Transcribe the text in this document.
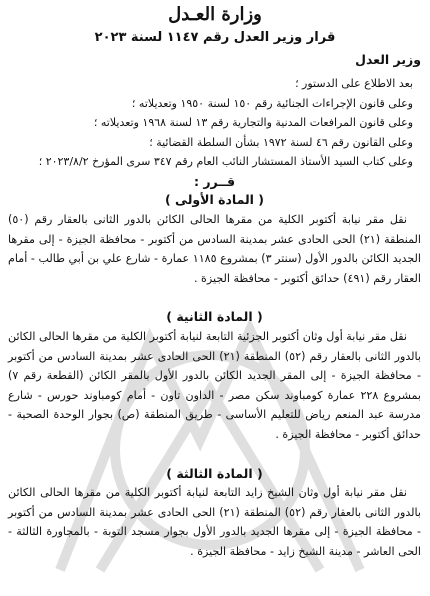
وزارة العـدل
قرار وزير العدل رقم ١١٤٧ لسنة ٢٠٢٣
وزير العدل
بعد الاطلاع على الدستور ؛
وعلى قانون الإجراءات الجنائية رقم ١٥٠ لسنة ١٩٥٠ وتعديلاته ؛
وعلى قانون المرافعات المدنية والتجارية رقم ١٣ لسنة ١٩٦٨ وتعديلاته ؛
وعلى القانون رقم ٤٦ لسنة ١٩٧٢ بشأن السلطة القضائية ؛
وعلى كتاب السيد الأستاذ المستشار النائب العام رقم ٣٤٧ سرى المؤرخ ٢٠٢٣/٨/٢ ؛
قــرر :
( المادة الأولى )
نقل مقر نيابة أكتوبر الكلية من مقرها الحالى الكائن بالدور الثانى بالعقار رقم (٥٠) المنطقة (٢١) الحى الحادى عشر بمدينة السادس من أكتوبر - محافظة الجيزة - إلى مقرها الجديد الكائن بالدور الأول (سنتر ٣) بمشروع ١١٨٥ عمارة - شارع علي بن أبي طالب - أمام العقار رقم (٤٩١) حدائق أكتوبر - محافظة الجيزة .
( المادة الثانية )
نقل مقر نيابة أول وثان أكتوبر الجزئية التابعة لنيابة أكتوبر الكلية من مقرها الحالى الكائن بالدور الثانى بالعقار رقم (٥٢) المنطقة (٢١) الحى الحادى عشر بمدينة السادس من أكتوبر - محافظة الجيزة - إلى المقر الجديد الكائن بالدور الأول بالمقر الكائن (القطعة رقم ٧) بمشروع ٢٢٨ عمارة كومباوند سكن مصر - الداون تاون - أمام كومباوند حورس - شارع مدرسة عبد المنعم رياض للتعليم الأساسى - طريق المنطقة (ص) بجوار الوحدة الصحية - حدائق أكتوبر - محافظة الجيزة .
( المادة الثالثة )
نقل مقر نيابة أول وثان الشيخ زايد التابعة لنيابة أكتوبر الكلية من مقرها الحالى الكائن بالدور الثانى بالعقار رقم (٥٢) المنطقة (٢١) الحى الحادى عشر بمدينة السادس من أكتوبر - محافظة الجيزة - إلى مقرها الجديد بالدور الأول بجوار مسجد التوبة - بالمجاورة الثالثة - الحى العاشر - مدينة الشيخ زايد - محافظة الجيزة .
